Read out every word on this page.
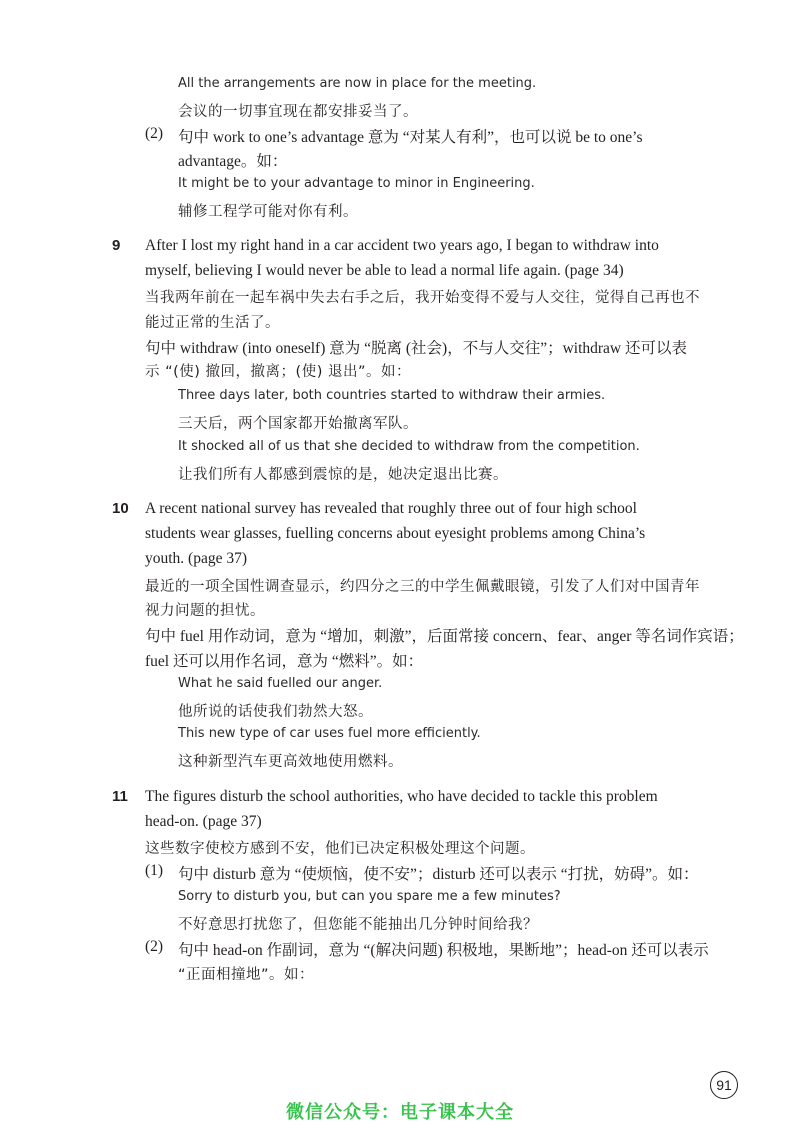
All the arrangements are now in place for the meeting.
会议的一切事宜现在都安排妥当了。
句中 work to one’s advantage 意为 “对某人有利”，也可以说 be to one’s
advantage。如：
It might be to your advantage to minor in Engineering.
辅修工程学可能对你有利。
After I lost my right hand in a car accident two years ago, I began to withdraw into
myself, believing I would never be able to lead a normal life again. (page 34)
当我两年前在一起车祸中失去右手之后，我开始变得不爱与人交往，觉得自己再也不
能过正常的生活了。
句中 withdraw (into oneself) 意为 “脱离 (社会)，不与人交往”；withdraw 还可以表
示 “(使) 撤回，撤离；(使) 退出”。如：
Three days later, both countries started to withdraw their armies.
三天后，两个国家都开始撤离军队。
It shocked all of us that she decided to withdraw from the competition.
让我们所有人都感到震惊的是，她决定退出比赛。
A recent national survey has revealed that roughly three out of four high school
students wear glasses, fuelling concerns about eyesight problems among China’s
youth. (page 37)
最近的一项全国性调查显示，约四分之三的中学生佩戴眼镜，引发了人们对中国青年
视力问题的担忧。
句中 fuel 用作动词，意为 “增加，刺激”，后面常接 concern、fear、anger 等名词作宾语；
fuel 还可以用作名词，意为 “燃料”。如：
What he said fuelled our anger.
他所说的话使我们勃然大怒。
This new type of car uses fuel more efficiently.
这种新型汽车更高效地使用燃料。
The figures disturb the school authorities, who have decided to tackle this problem
head-on. (page 37)
这些数字使校方感到不安，他们已决定积极处理这个问题。
句中 disturb 意为 “使烦恼，使不安”；disturb 还可以表示 “打扰，妨碍”。如：
Sorry to disturb you, but can you spare me a few minutes?
不好意思打扰您了，但您能不能抽出几分钟时间给我？
句中 head-on 作副词，意为 “(解决问题) 积极地，果断地”；head-on 还可以表示
“正面相撞地”。如：
9
10
11
(2)
(1)
(2)
91
微信公众号：电子课本大全
